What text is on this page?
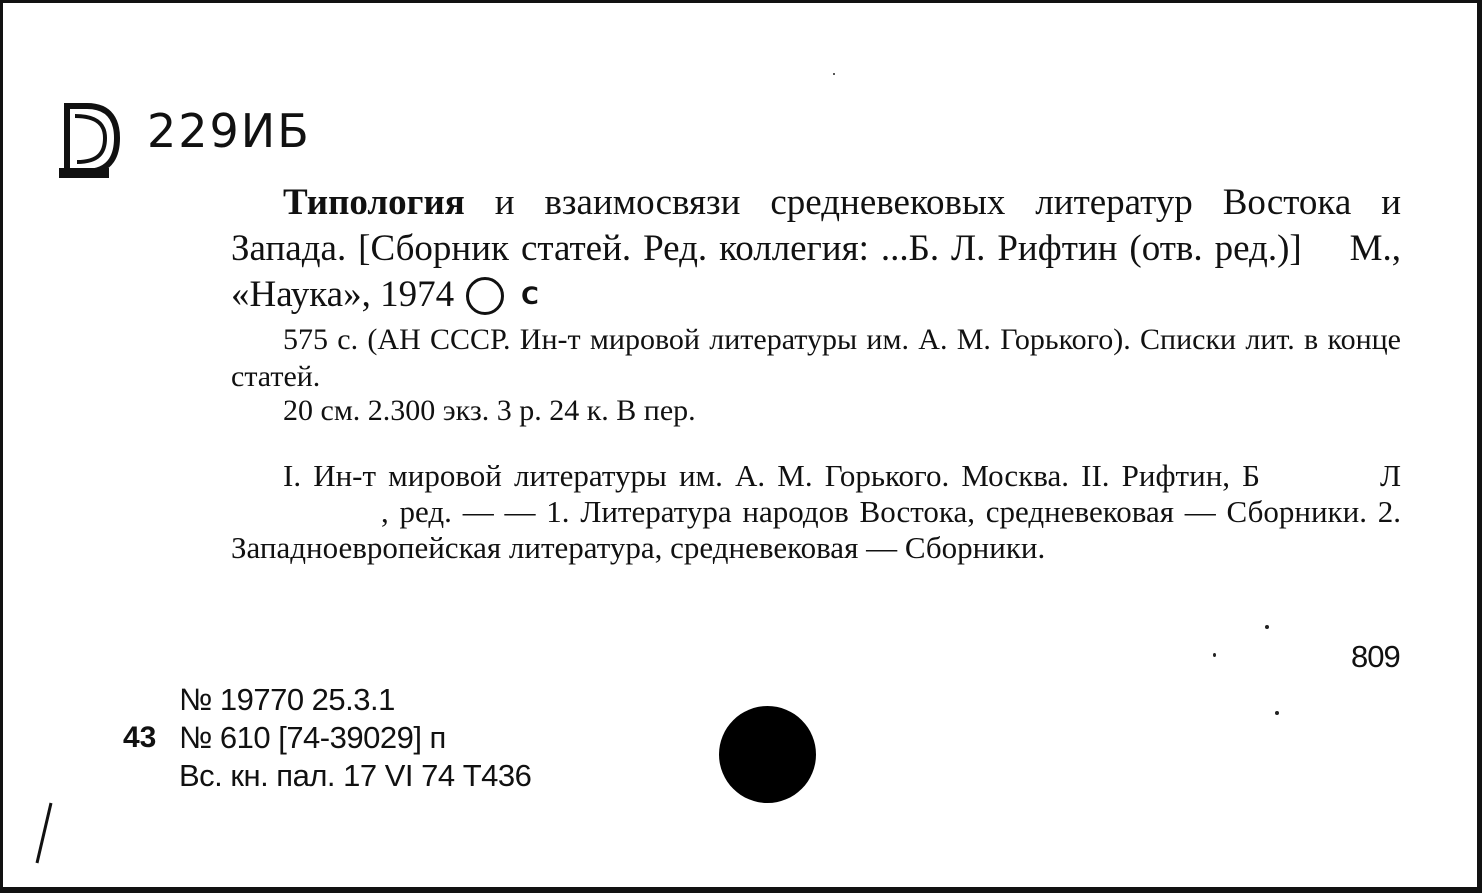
229ИБ
Типология и взаимосвязи средневековых литератур Востока и Запада. [Сборник статей. Ред. коллегия: ...Б. Л. Рифтин (отв. ред.)] М., «Наука», 1974	C
575 с. (АН СССР. Ин-т мировой литературы им. А. М. Горького). Списки лит. в конце статей.
20 см. 2.300 экз. 3 р. 24 к. В пер.
I. Ин-т мировой литературы им. А. М. Горького. Москва. II. Рифтин, Б	Л, ред. — — 1. Литература народов Востока, средневековая — Сборники. 2. Западноевропейская литература, средневековая — Сборники.
809
№ 19770 25.3.1
43 № 610 [74-39029] п
Вс. кн. пал. 17 VI 74 Т436
